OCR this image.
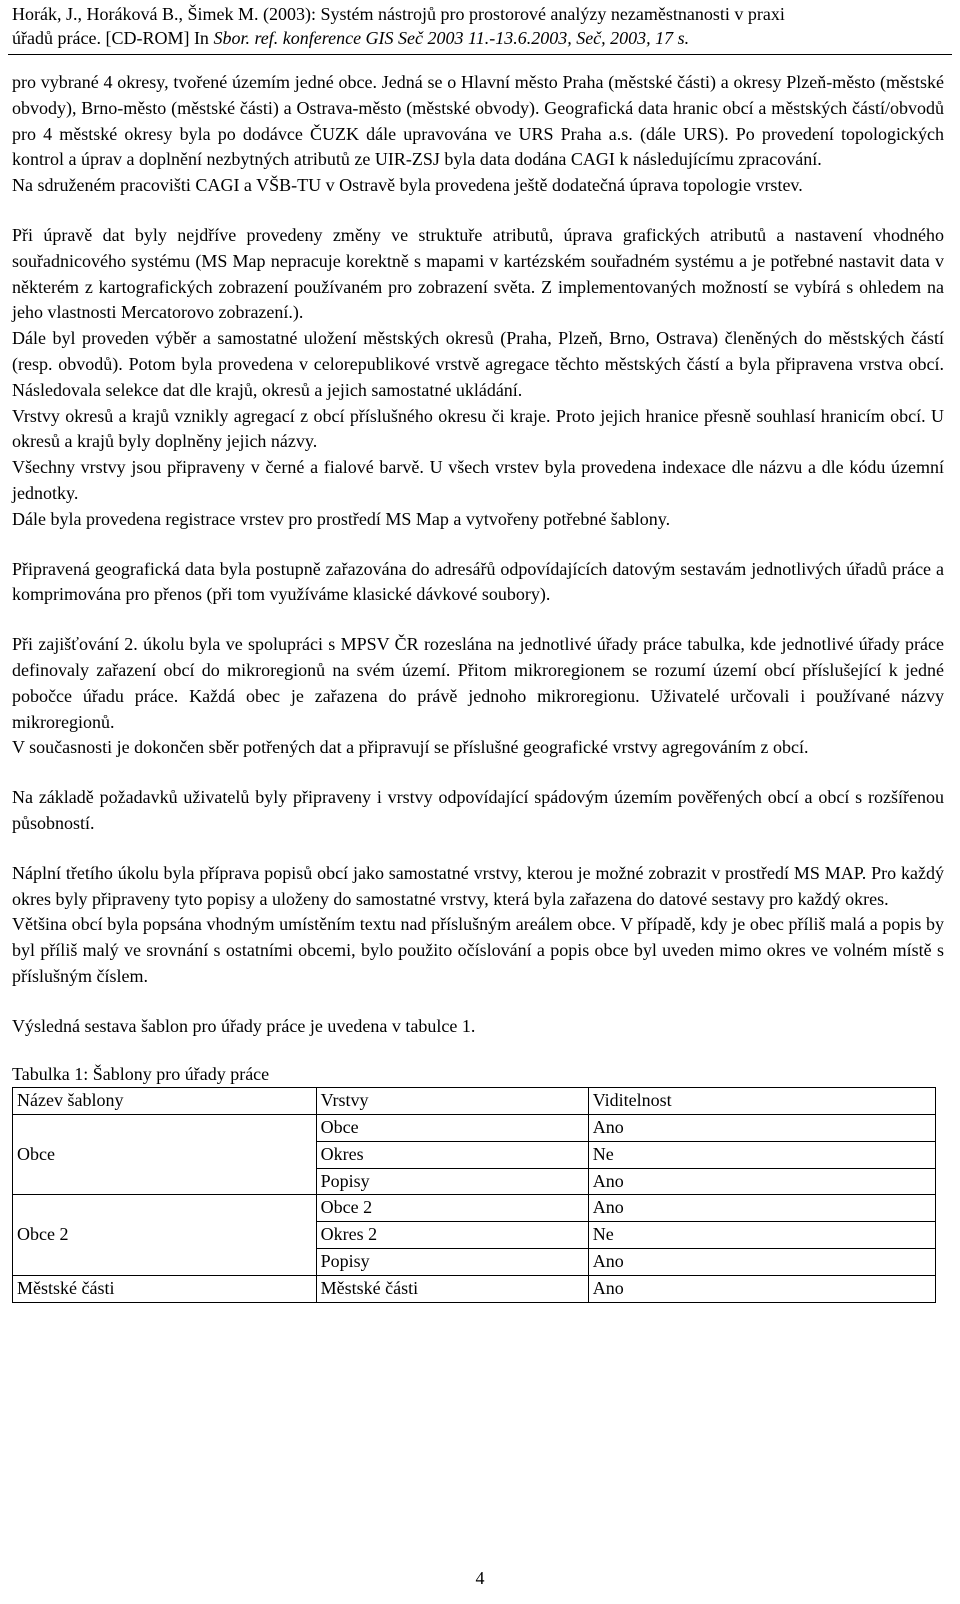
Horák, J., Horáková B., Šimek M. (2003): Systém nástrojů pro prostorové analýzy nezaměstnanosti v praxi
úřadů práce. [CD-ROM] In Sbor. ref. konference GIS Seč 2003 11.-13.6.2003, Seč, 2003, 17 s.

pro vybrané 4 okresy, tvořené územím jedné obce. Jedná se o Hlavní město Praha (městské části) a okresy Plzeň-město (městské obvody), Brno-město (městské části) a Ostrava-město (městské obvody). Geografická data hranic obcí a městských částí/obvodů pro 4 městské okresy byla po dodávce ČUZK dále upravována ve URS Praha a.s. (dále URS). Po provedení topologických kontrol a úprav a doplnění nezbytných atributů ze UIR-ZSJ byla data dodána CAGI k následujícímu zpracování.

Na sdruženém pracovišti CAGI a VŠB-TU v Ostravě byla provedena ještě dodatečná úprava topologie vrstev.

Při úpravě dat byly nejdříve provedeny změny ve struktuře atributů, úprava grafických atributů a nastavení vhodného souřadnicového systému (MS Map nepracuje korektně s mapami v kartézském souřadném systému a je potřebné nastavit data v některém z kartografických zobrazení používaném pro zobrazení světa. Z implementovaných možností se vybírá s ohledem na jeho vlastnosti Mercatorovo zobrazení.).

Dále byl proveden výběr a samostatné uložení městských okresů (Praha, Plzeň, Brno, Ostrava) členěných do městských částí (resp. obvodů). Potom byla provedena v celorepublikové vrstvě agregace těchto městských částí a byla připravena vrstva obcí. Následovala selekce dat dle krajů, okresů a jejich samostatné ukládání.

Vrstvy okresů a krajů vznikly agregací z obcí příslušného okresu či kraje. Proto jejich hranice přesně souhlasí hranicím obcí. U okresů a krajů byly doplněny jejich názvy.

Všechny vrstvy jsou připraveny v černé a fialové barvě. U všech vrstev byla provedena indexace dle názvu a dle kódu územní jednotky.

Dále byla provedena registrace vrstev pro prostředí MS Map a vytvořeny potřebné šablony.

Připravená geografická data byla postupně zařazována do adresářů odpovídajících datovým sestavám jednotlivých úřadů práce a komprimována pro přenos (při tom využíváme klasické dávkové soubory).

Při zajišťování 2. úkolu byla ve spolupráci s MPSV ČR rozeslána na jednotlivé úřady práce tabulka, kde jednotlivé úřady práce definovaly zařazení obcí do mikroregionů na svém území. Přitom mikroregionem se rozumí území obcí příslušející k jedné pobočce úřadu práce. Každá obec je zařazena do právě jednoho mikroregionu. Uživatelé určovali i používané názvy mikroregionů.

V současnosti je dokončen sběr potřených dat a připravují se příslušné geografické vrstvy agregováním z obcí.

Na základě požadavků uživatelů byly připraveny i vrstvy odpovídající spádovým územím pověřených obcí a obcí s rozšířenou působností.

Náplní třetího úkolu byla příprava popisů obcí jako samostatné vrstvy, kterou je možné zobrazit v prostředí MS MAP. Pro každý okres byly připraveny tyto popisy a uloženy do samostatné vrstvy, která byla zařazena do datové sestavy pro každý okres.

Většina obcí byla popsána vhodným umístěním textu nad příslušným areálem obce. V případě, kdy je obec příliš malá a popis by byl příliš malý ve srovnání s ostatními obcemi, bylo použito očíslování a popis obce byl uveden mimo okres ve volném místě s příslušným číslem.

Výsledná sestava šablon pro úřady práce je uvedena v tabulce 1.

Tabulka 1: Šablony pro úřady práce
Název šablony	Vrstvy	Viditelnost
Obce	Obce	Ano
	Okres	Ne
	Popisy	Ano
Obce 2	Obce 2	Ano
	Okres 2	Ne
	Popisy	Ano
Městské části	Městské části	Ano
4
